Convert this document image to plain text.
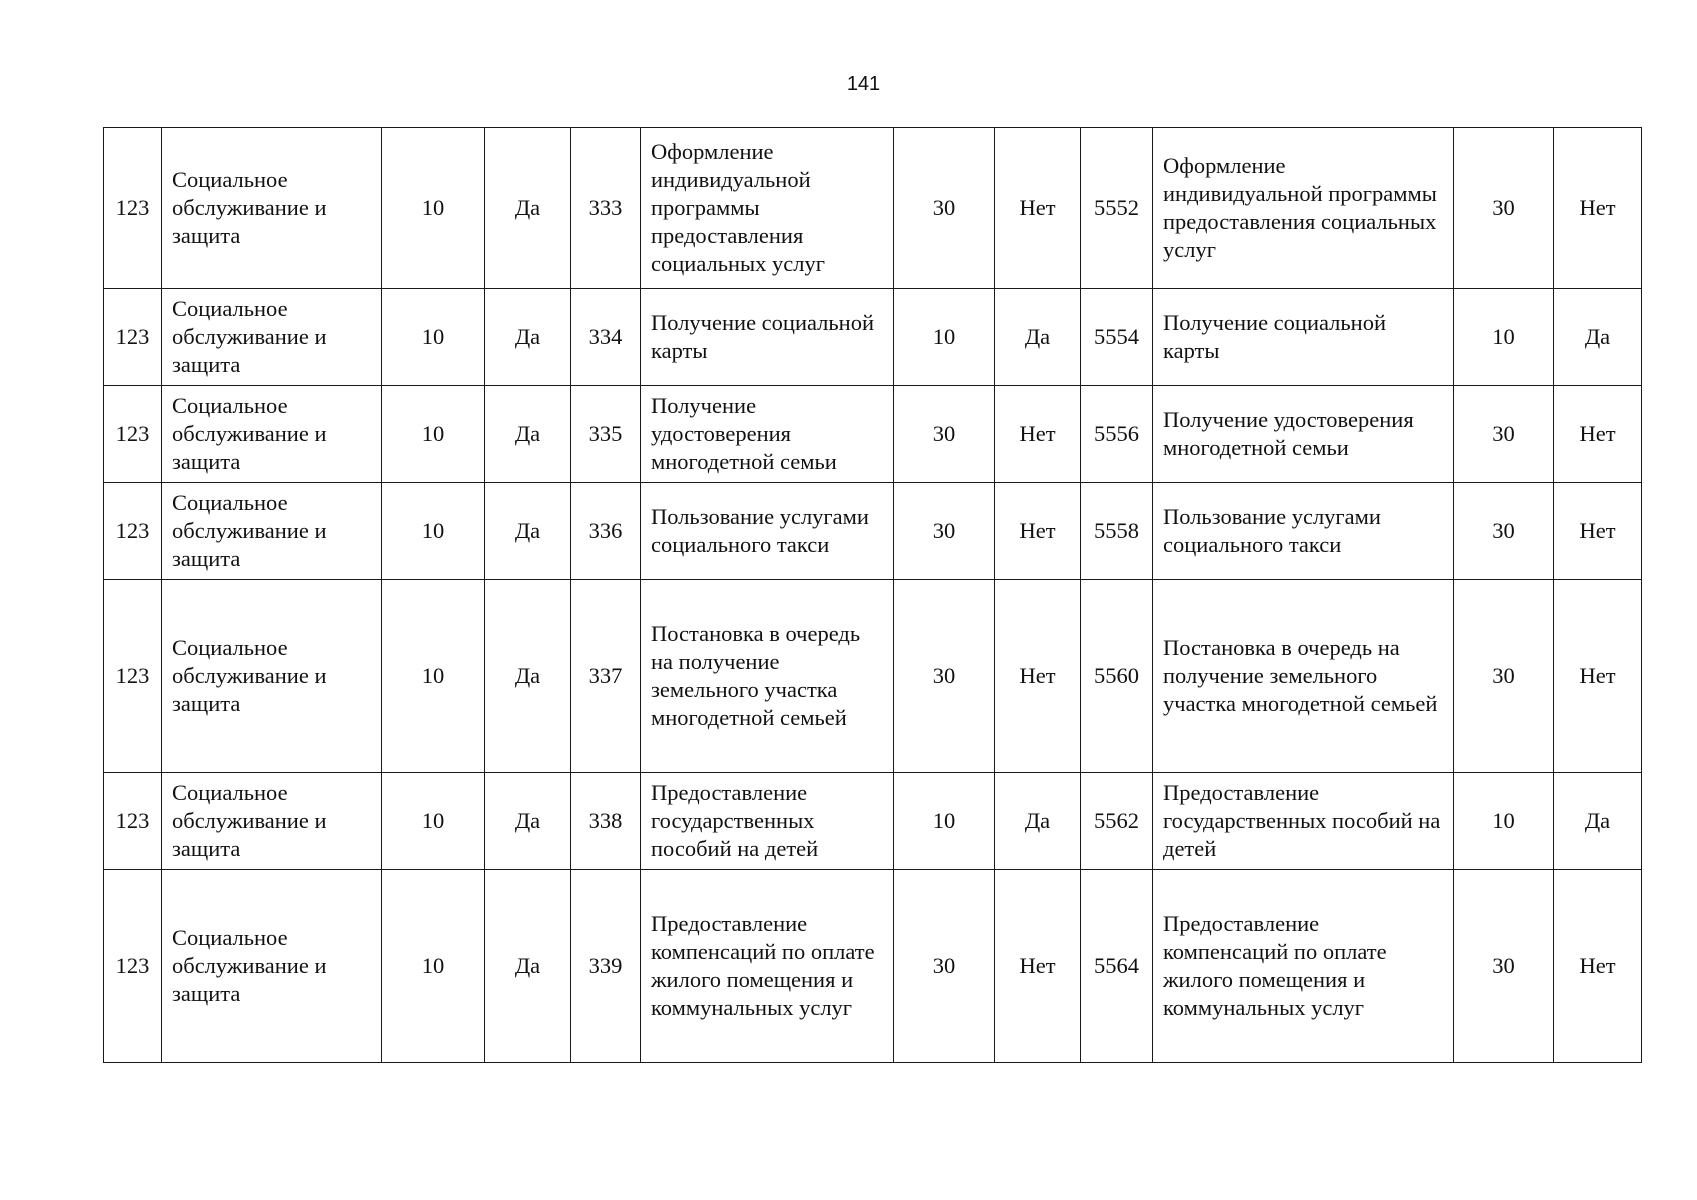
141
123	Социальное обслуживание и защита	10	Да	333	Оформление индивидуальной программы предоставления социальных услуг	30	Нет	5552	Оформление индивидуальной программы предоставления социальных услуг	30	Нет
123	Социальное обслуживание и защита	10	Да	334	Получение социальной карты	10	Да	5554	Получение социальной карты	10	Да
123	Социальное обслуживание и защита	10	Да	335	Получение удостоверения многодетной семьи	30	Нет	5556	Получение удостоверения многодетной семьи	30	Нет
123	Социальное обслуживание и защита	10	Да	336	Пользование услугами социального такси	30	Нет	5558	Пользование услугами социального такси	30	Нет
123	Социальное обслуживание и защита	10	Да	337	Постановка в очередь на получение земельного участка многодетной семьей	30	Нет	5560	Постановка в очередь на получение земельного участка многодетной семьей	30	Нет
123	Социальное обслуживание и защита	10	Да	338	Предоставление государственных пособий на детей	10	Да	5562	Предоставление государственных пособий на детей	10	Да
123	Социальное обслуживание и защита	10	Да	339	Предоставление компенсаций по оплате жилого помещения и коммунальных услуг	30	Нет	5564	Предоставление компенсаций по оплате жилого помещения и коммунальных услуг	30	Нет
